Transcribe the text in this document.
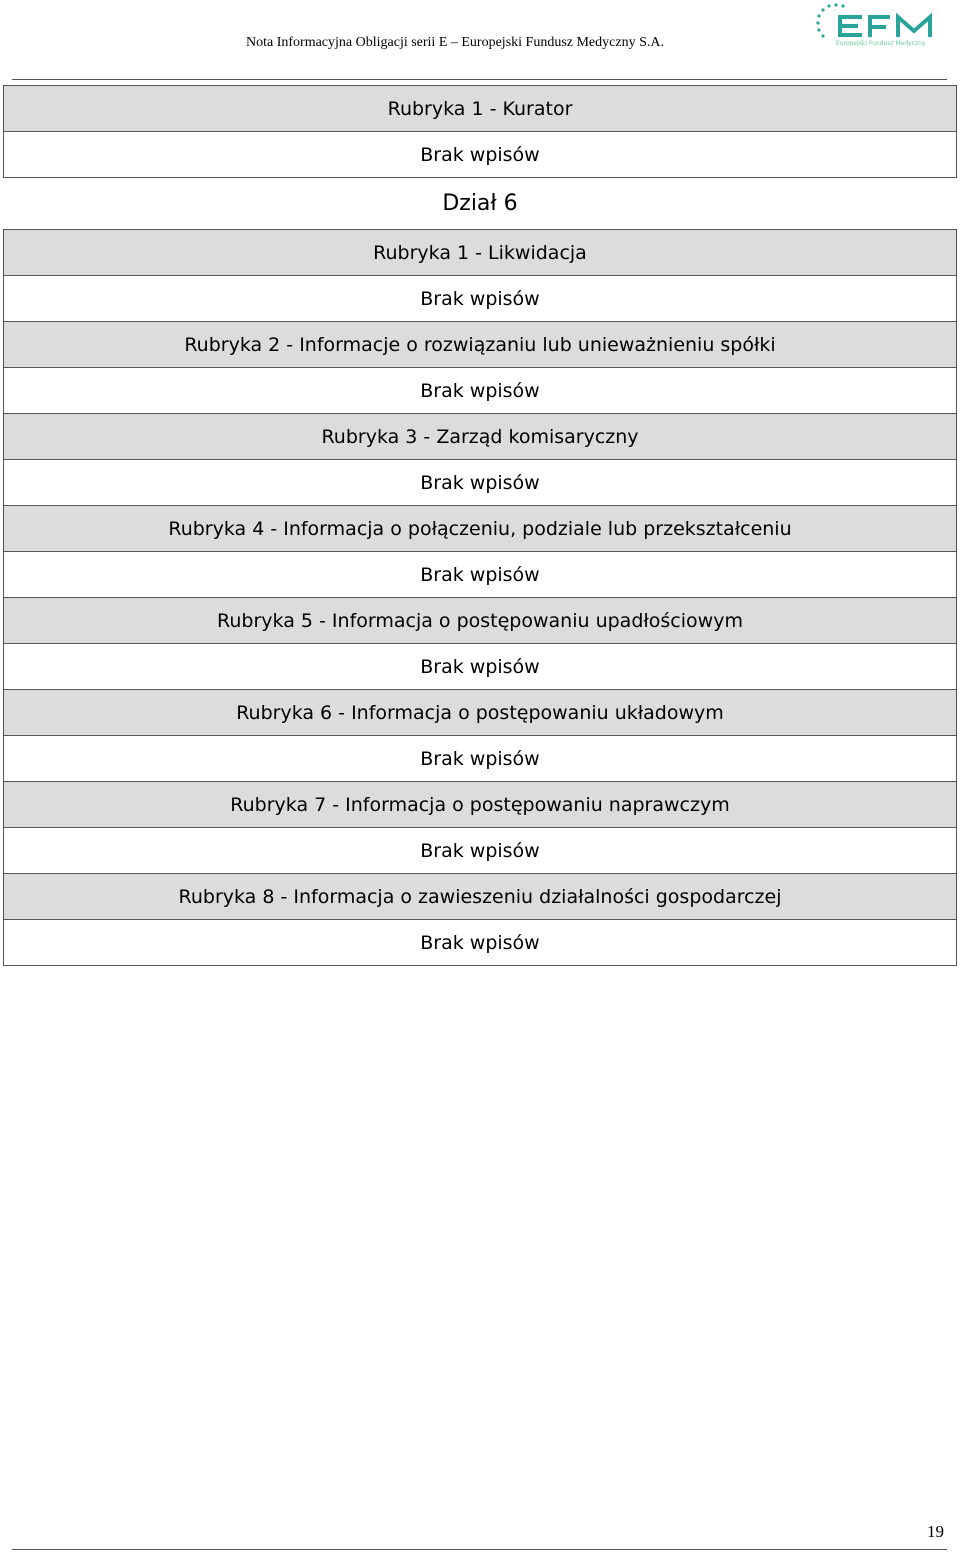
Nota Informacyjna Obligacji serii E – Europejski Fundusz Medyczny S.A.	Europejski Fundusz Medyczny
Rubryka 1 - Kurator
Brak wpisów
Dział 6
Rubryka 1 - Likwidacja
Brak wpisów
Rubryka 2 - Informacje o rozwiązaniu lub unieważnieniu spółki
Brak wpisów
Rubryka 3 - Zarząd komisaryczny
Brak wpisów
Rubryka 4 - Informacja o połączeniu, podziale lub przekształceniu
Brak wpisów
Rubryka 5 - Informacja o postępowaniu upadłościowym
Brak wpisów
Rubryka 6 - Informacja o postępowaniu układowym
Brak wpisów
Rubryka 7 - Informacja o postępowaniu naprawczym
Brak wpisów
Rubryka 8 - Informacja o zawieszeniu działalności gospodarczej
Brak wpisów
19
